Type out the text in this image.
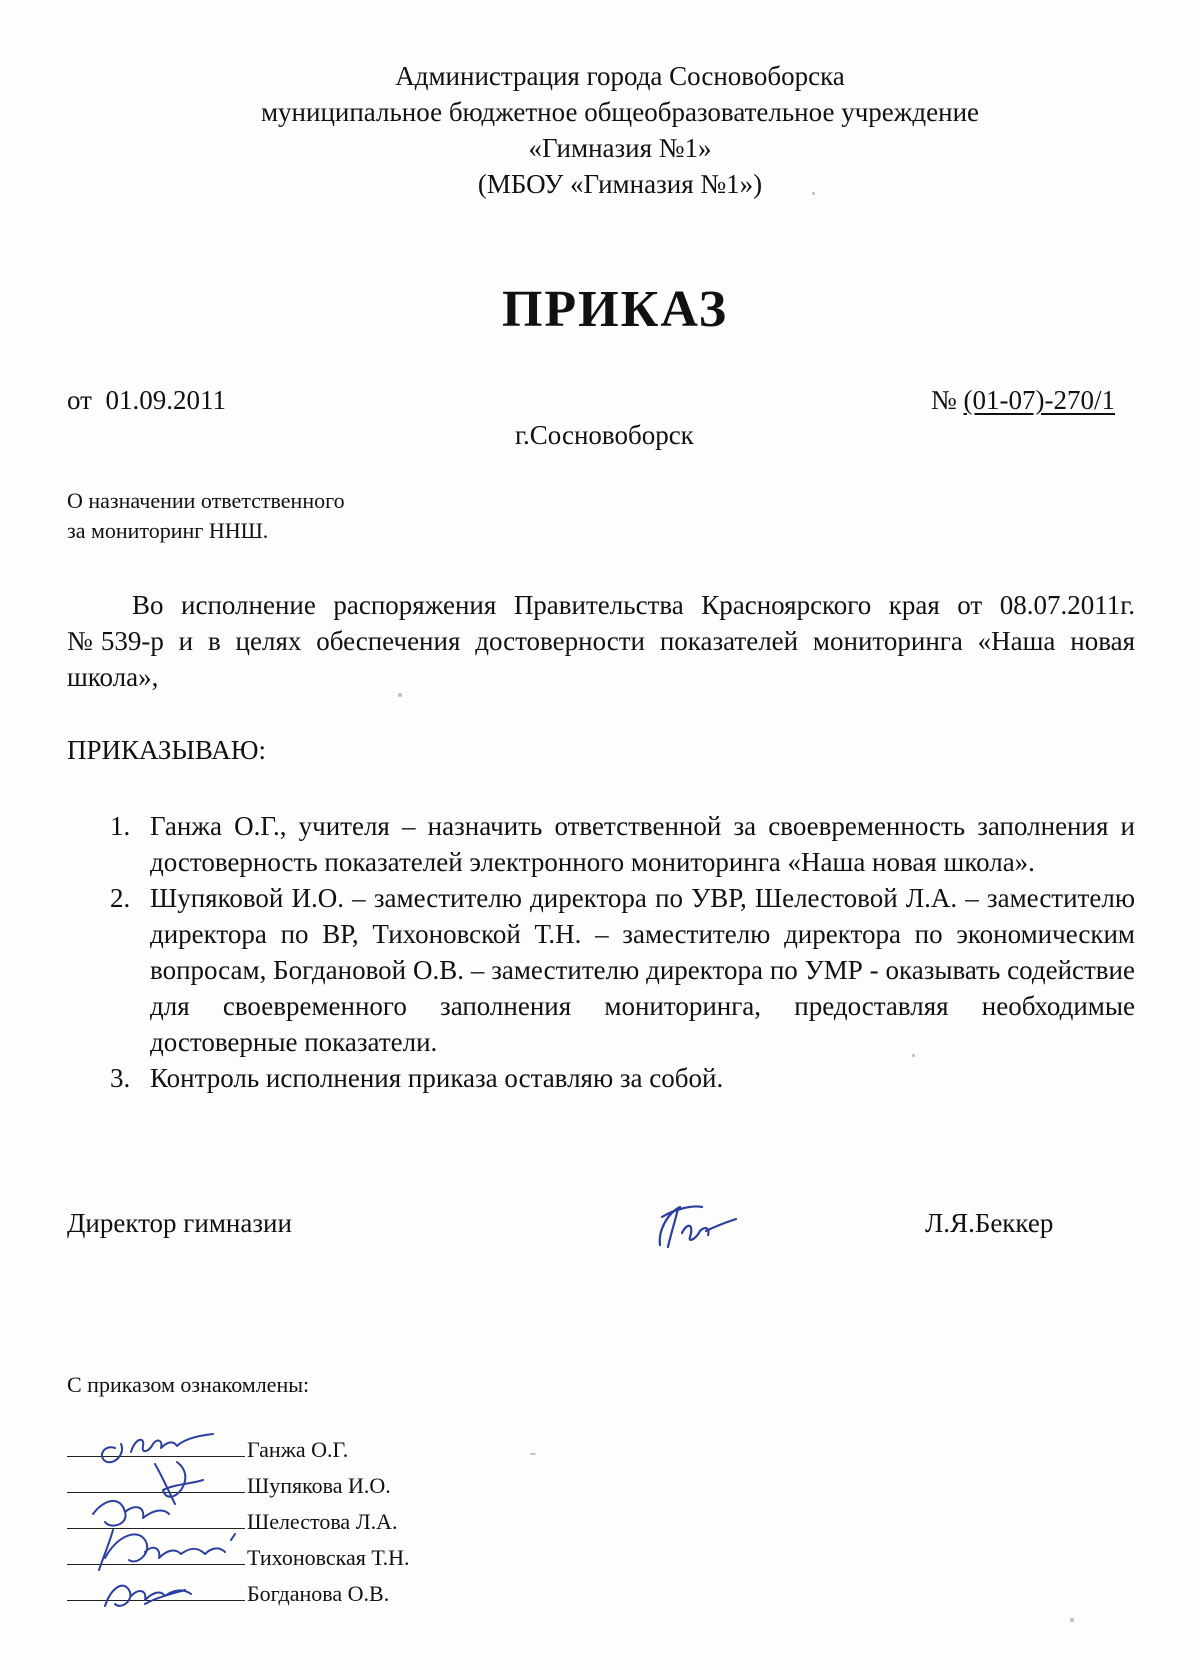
Администрация города Сосновоборска
муниципальное бюджетное общеобразовательное учреждение
«Гимназия №1»
(МБОУ «Гимназия №1»)
ПРИКАЗ
от 01.09.2011	№ (01-07)-270/1
г.Сосновоборск
О назначении ответственного
за мониторинг ННШ.
Во исполнение распоряжения Правительства Красноярского края от 08.07.2011г. №539-р и в целях обеспечения достоверности показателей мониторинга «Наша новая школа»,
ПРИКАЗЫВАЮ:
1. Ганжа О.Г., учителя – назначить ответственной за своевременность заполнения и достоверность показателей электронного мониторинга «Наша новая школа».
2. Шупяковой И.О. – заместителю директора по УВР, Шелестовой Л.А. – заместителю директора по ВР, Тихоновской Т.Н. – заместителю директора по экономическим вопросам, Богдановой О.В. – заместителю директора по УМР - оказывать содействие для своевременного заполнения мониторинга, предоставляя необходимые достоверные показатели.
3. Контроль исполнения приказа оставляю за собой.
Директор гимназии	Л.Я.Беккер
С приказом ознакомлены:
Ганжа О.Г.
Шупякова И.О.
Шелестова Л.А.
Тихоновская Т.Н.
Богданова О.В.
